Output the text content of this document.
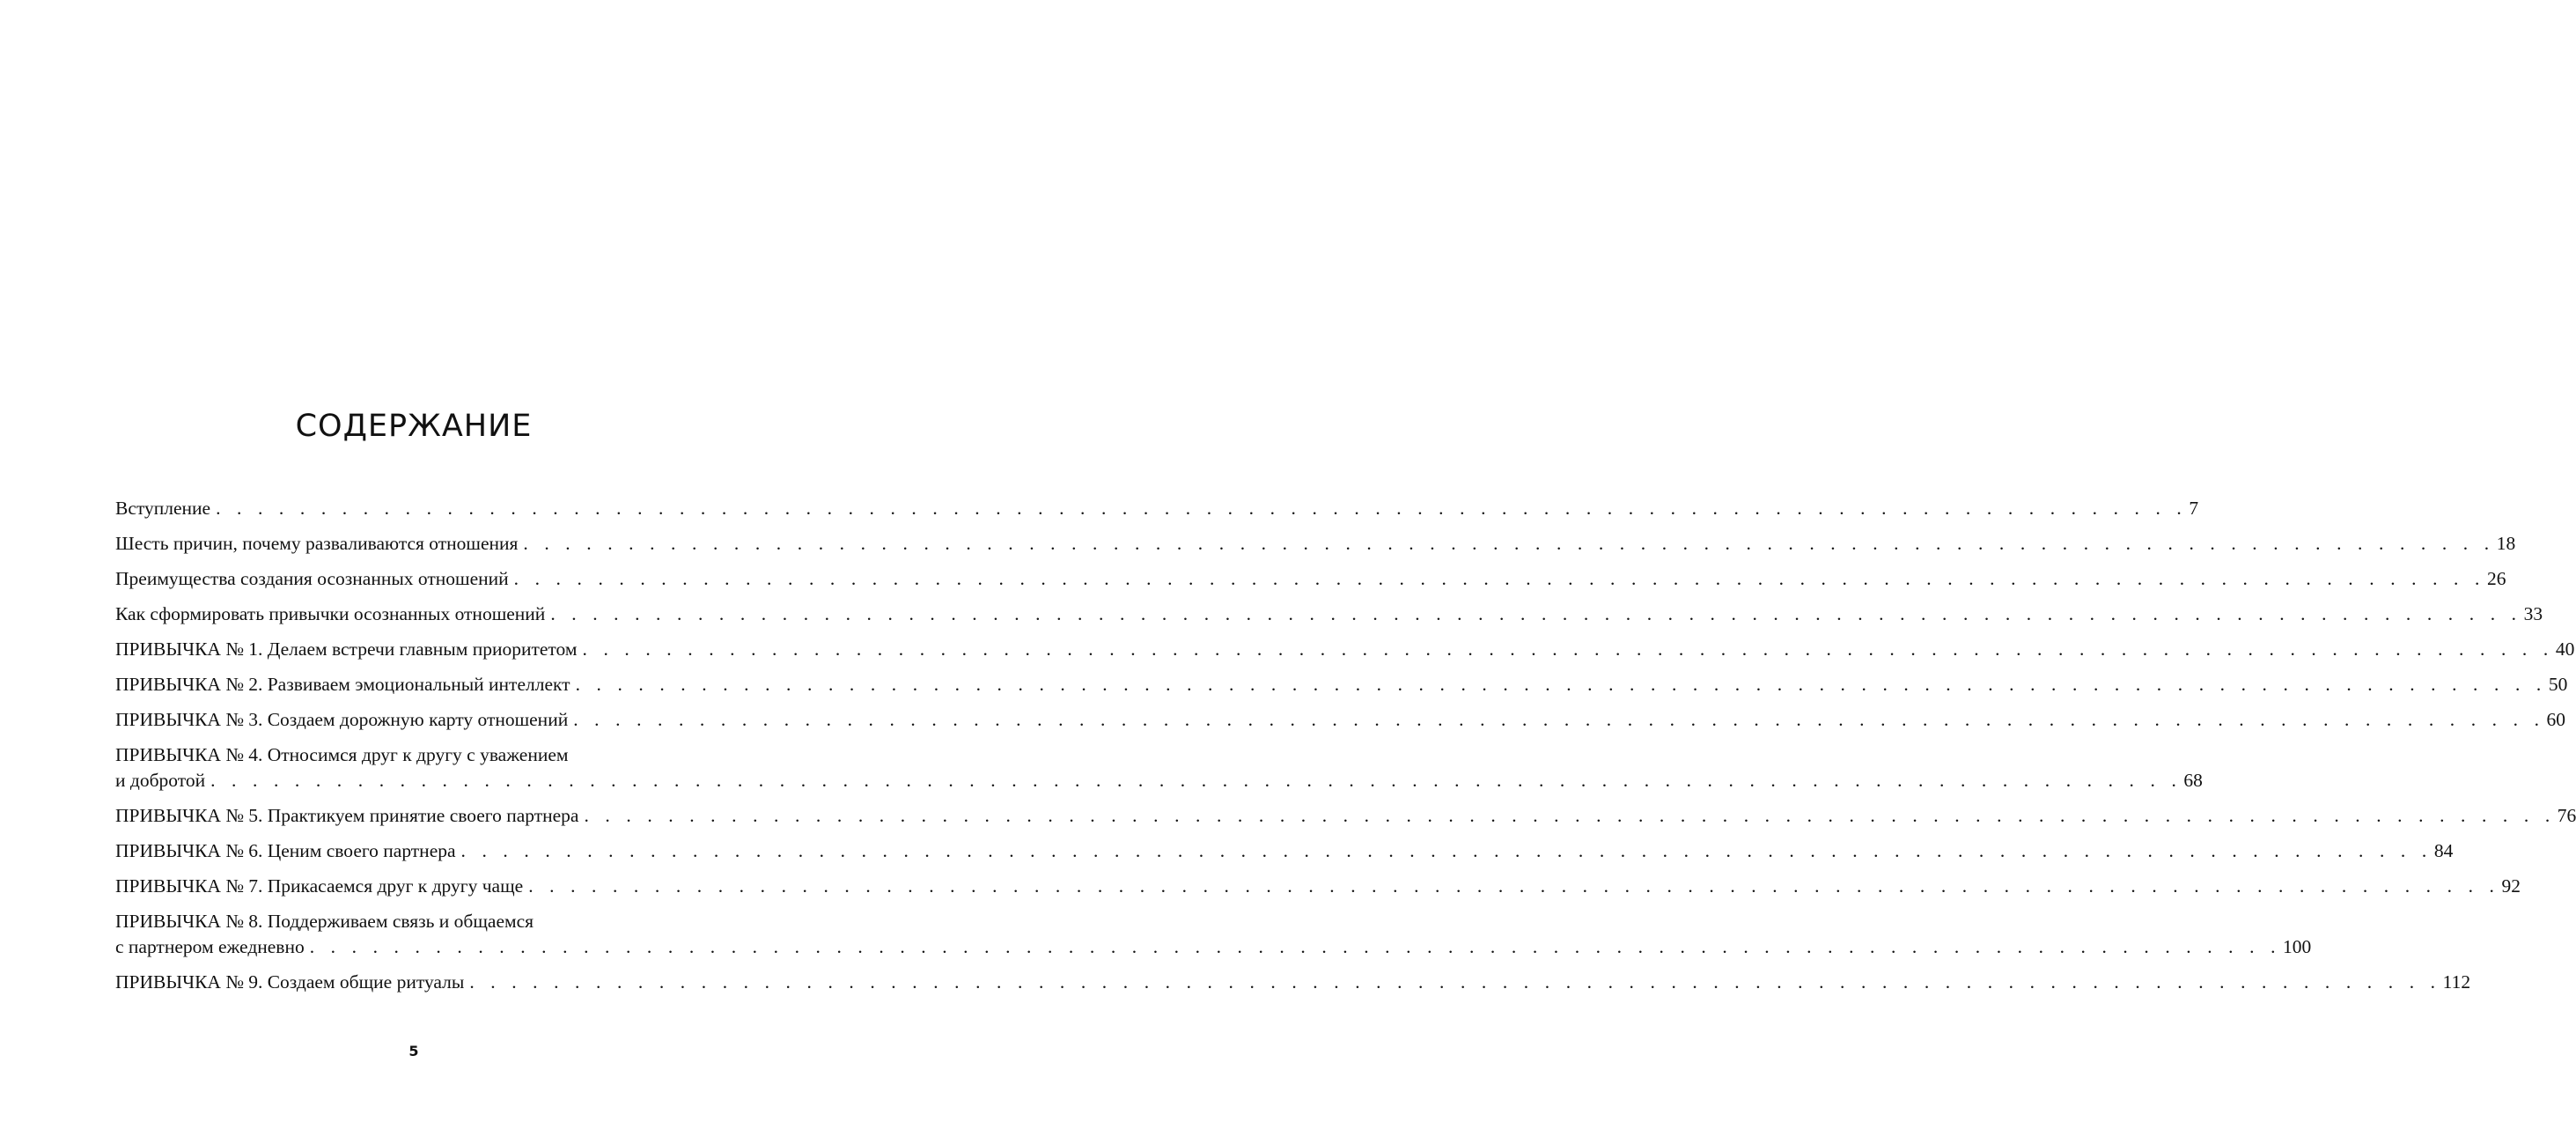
СОДЕРЖАНИЕ
Вступление . . . . . . . . . . . . . . . . . . . . . . . . . . . . . . . . . . . . . . . . . . . . . . . . . . . . . . . . . . . . . . . . . . . . . . . . . . . . . . . . . . . . . . . . . . . . . . 7
Шесть причин, почему разваливаются отношения . . . . . . . . . . . . . . . . . . . . . . . . . . . . . . . . . . . . . . . . . . . . . . . . . . . . . . . . . . . . . . . . . . . . . . . . . . . . . . . . . . . . . . . . . . . . . . 18
Преимущества создания осознанных отношений . . . . . . . . . . . . . . . . . . . . . . . . . . . . . . . . . . . . . . . . . . . . . . . . . . . . . . . . . . . . . . . . . . . . . . . . . . . . . . . . . . . . . . . . . . . . . . 26
Как сформировать привычки осознанных отношений . . . . . . . . . . . . . . . . . . . . . . . . . . . . . . . . . . . . . . . . . . . . . . . . . . . . . . . . . . . . . . . . . . . . . . . . . . . . . . . . . . . . . . . . . . . . . . 33
ПРИВЫЧКА № 1. Делаем встречи главным приоритетом . . . . . . . . . . . . . . . . . . . . . . . . . . . . . . . . . . . . . . . . . . . . . . . . . . . . . . . . . . . . . . . . . . . . . . . . . . . . . . . . . . . . . . . . . . . . . . 40
ПРИВЫЧКА № 2. Развиваем эмоциональный интеллект . . . . . . . . . . . . . . . . . . . . . . . . . . . . . . . . . . . . . . . . . . . . . . . . . . . . . . . . . . . . . . . . . . . . . . . . . . . . . . . . . . . . . . . . . . . . . . 50
ПРИВЫЧКА № 3. Создаем дорожную карту отношений . . . . . . . . . . . . . . . . . . . . . . . . . . . . . . . . . . . . . . . . . . . . . . . . . . . . . . . . . . . . . . . . . . . . . . . . . . . . . . . . . . . . . . . . . . . . . . 60
ПРИВЫЧКА № 4. Относимся друг к другу с уважением
и добротой . . . . . . . . . . . . . . . . . . . . . . . . . . . . . . . . . . . . . . . . . . . . . . . . . . . . . . . . . . . . . . . . . . . . . . . . . . . . . . . . . . . . . . . . . . . . . . 68
ПРИВЫЧКА № 5. Практикуем принятие своего партнера . . . . . . . . . . . . . . . . . . . . . . . . . . . . . . . . . . . . . . . . . . . . . . . . . . . . . . . . . . . . . . . . . . . . . . . . . . . . . . . . . . . . . . . . . . . . . . 76
ПРИВЫЧКА № 6. Ценим своего партнера . . . . . . . . . . . . . . . . . . . . . . . . . . . . . . . . . . . . . . . . . . . . . . . . . . . . . . . . . . . . . . . . . . . . . . . . . . . . . . . . . . . . . . . . . . . . . . 84
ПРИВЫЧКА № 7. Прикасаемся друг к другу чаще . . . . . . . . . . . . . . . . . . . . . . . . . . . . . . . . . . . . . . . . . . . . . . . . . . . . . . . . . . . . . . . . . . . . . . . . . . . . . . . . . . . . . . . . . . . . . . 92
ПРИВЫЧКА № 8. Поддерживаем связь и общаемся
с партнером ежедневно . . . . . . . . . . . . . . . . . . . . . . . . . . . . . . . . . . . . . . . . . . . . . . . . . . . . . . . . . . . . . . . . . . . . . . . . . . . . . . . . . . . . . . . . . . . . . . 100
ПРИВЫЧКА № 9. Создаем общие ритуалы . . . . . . . . . . . . . . . . . . . . . . . . . . . . . . . . . . . . . . . . . . . . . . . . . . . . . . . . . . . . . . . . . . . . . . . . . . . . . . . . . . . . . . . . . . . . . . 112
5
